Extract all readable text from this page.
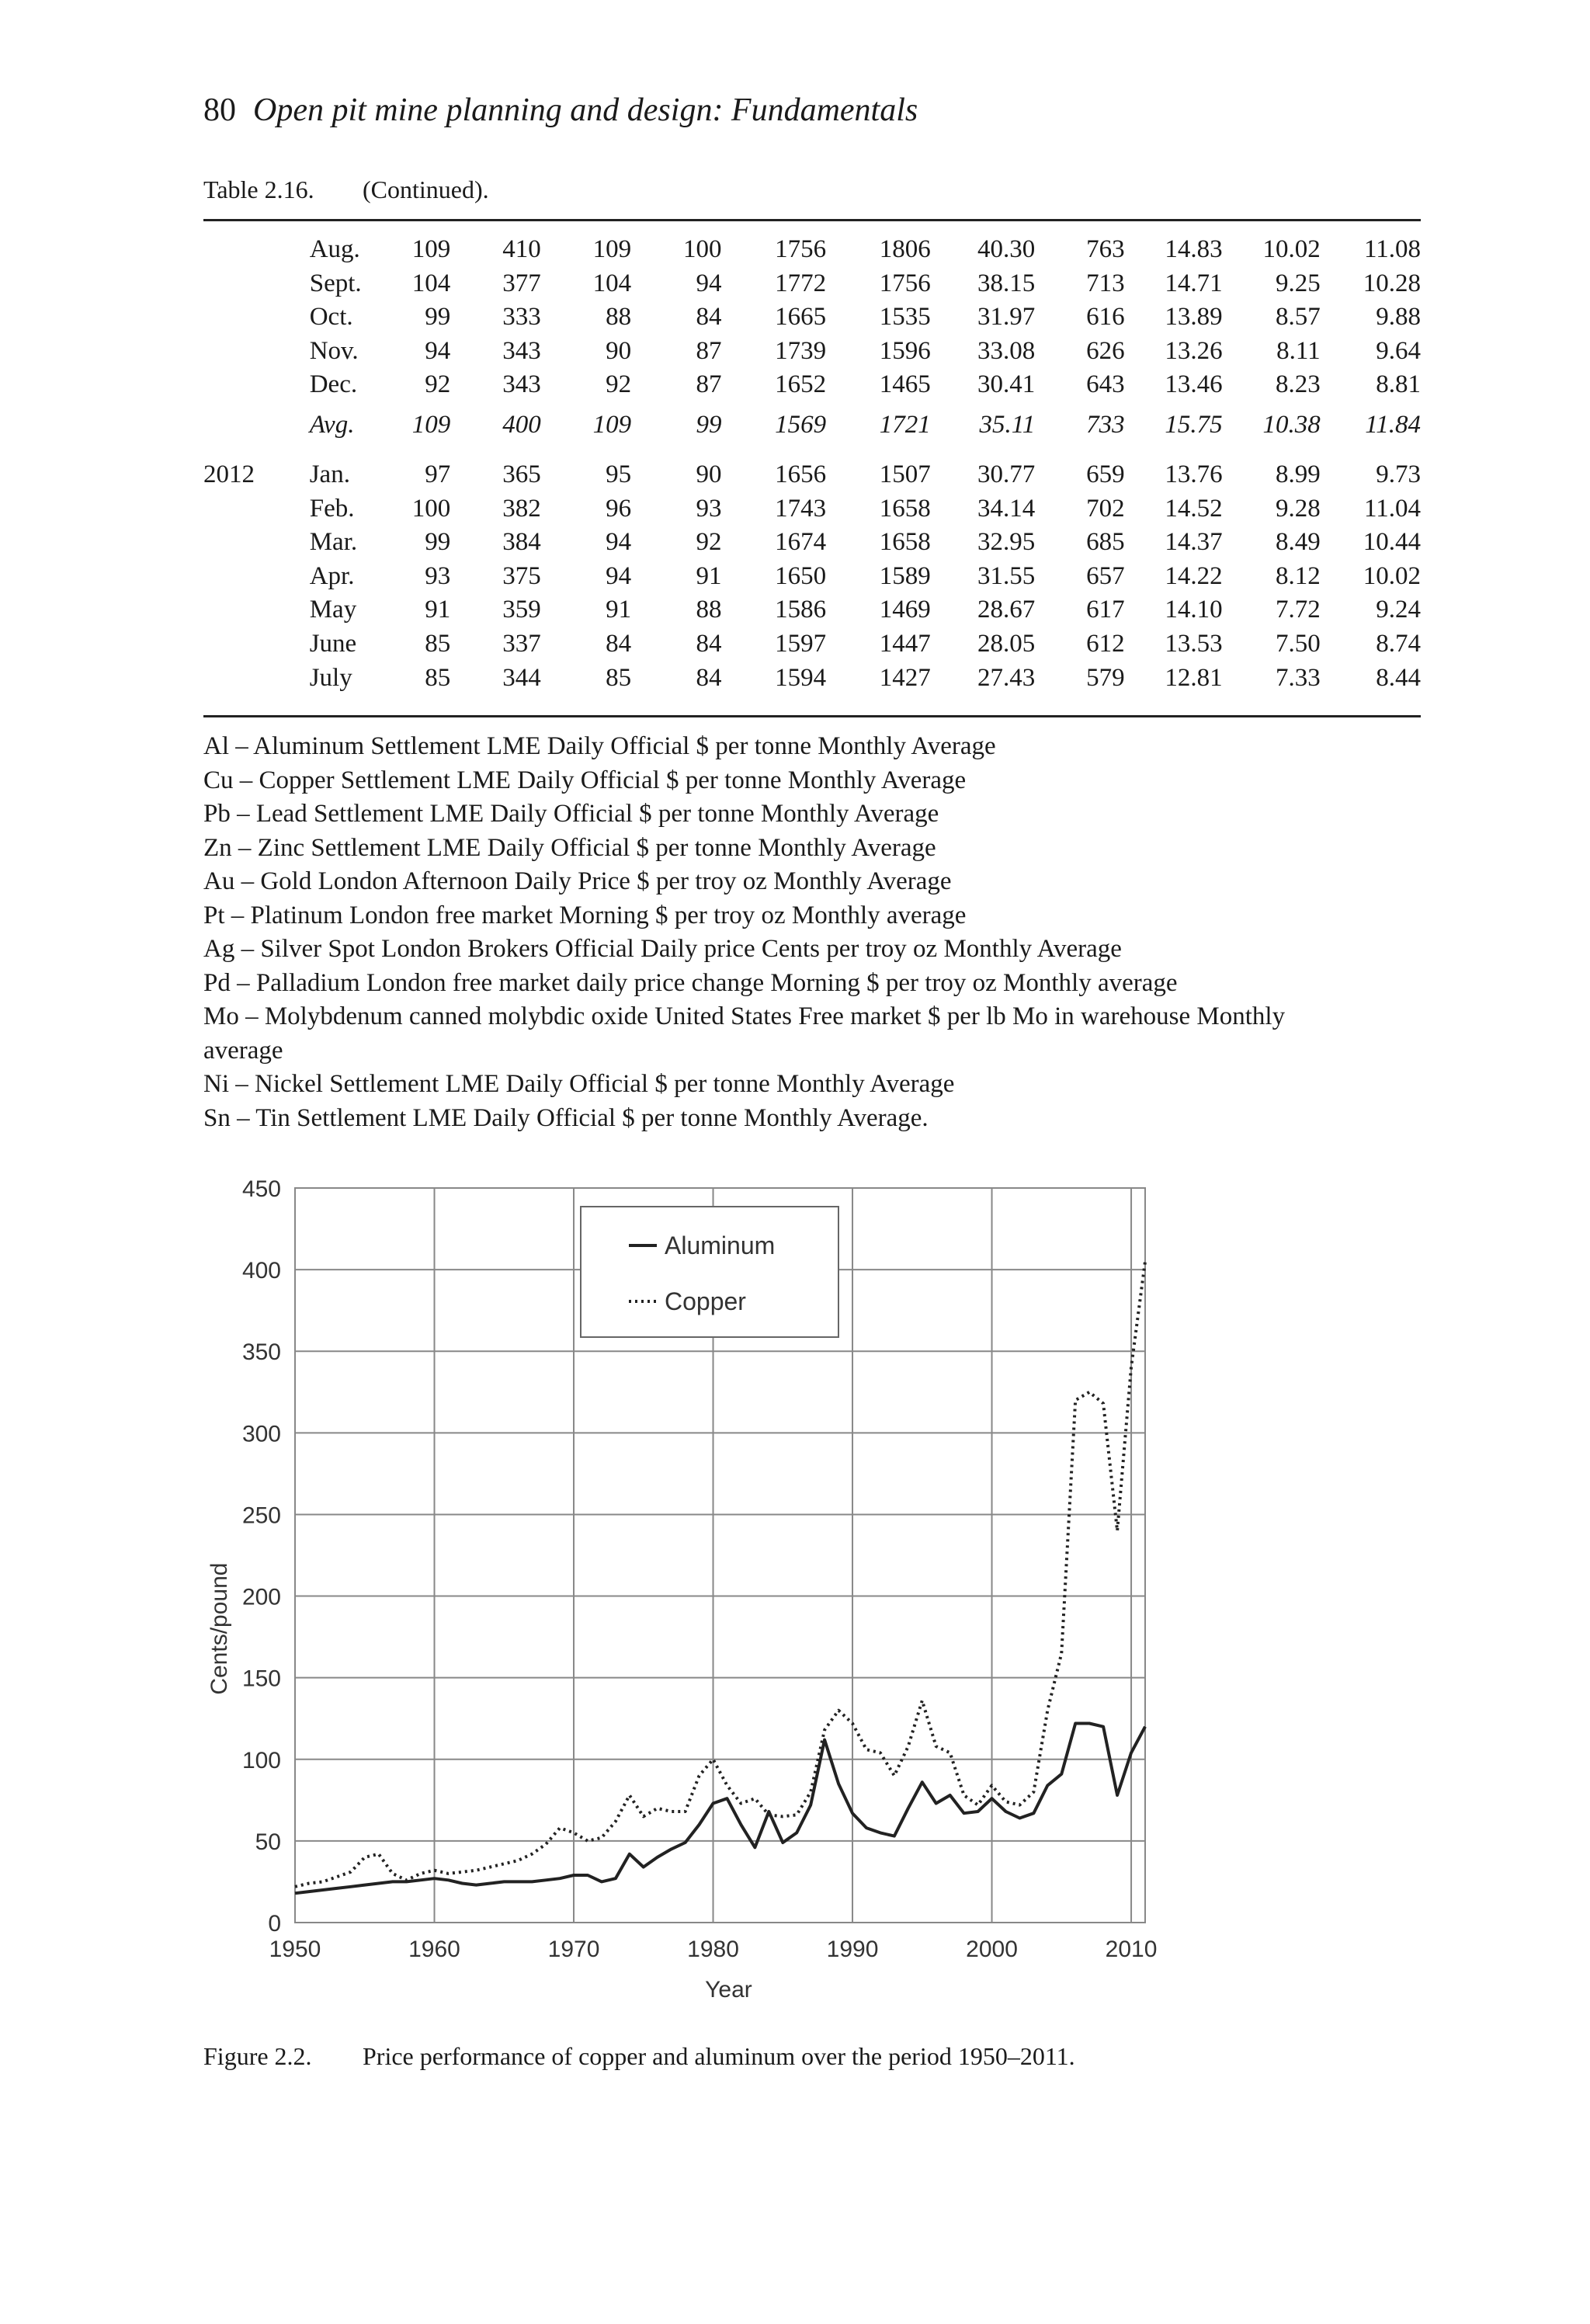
80 Open pit mine planning and design: Fundamentals
Table 2.16. (Continued).
	Aug.	109	410	109	100	1756	1806	40.30	763	14.83	10.02	11.08
	Sept.	104	377	104	94	1772	1756	38.15	713	14.71	9.25	10.28
	Oct.	99	333	88	84	1665	1535	31.97	616	13.89	8.57	9.88
	Nov.	94	343	90	87	1739	1596	33.08	626	13.26	8.11	9.64
	Dec.	92	343	92	87	1652	1465	30.41	643	13.46	8.23	8.81
	Avg.	109	400	109	99	1569	1721	35.11	733	15.75	10.38	11.84

2012	Jan.	97	365	95	90	1656	1507	30.77	659	13.76	8.99	9.73
	Feb.	100	382	96	93	1743	1658	34.14	702	14.52	9.28	11.04
	Mar.	99	384	94	92	1674	1658	32.95	685	14.37	8.49	10.44
	Apr.	93	375	94	91	1650	1589	31.55	657	14.22	8.12	10.02
	May	91	359	91	88	1586	1469	28.67	617	14.10	7.72	9.24
	June	85	337	84	84	1597	1447	28.05	612	13.53	7.50	8.74
	July	85	344	85	84	1594	1427	27.43	579	12.81	7.33	8.44
Al – Aluminum Settlement LME Daily Official $ per tonne Monthly Average
Cu – Copper Settlement LME Daily Official $ per tonne Monthly Average
Pb – Lead Settlement LME Daily Official $ per tonne Monthly Average
Zn – Zinc Settlement LME Daily Official $ per tonne Monthly Average
Au – Gold London Afternoon Daily Price $ per troy oz Monthly Average
Pt – Platinum London free market Morning $ per troy oz Monthly average
Ag – Silver Spot London Brokers Official Daily price Cents per troy oz Monthly Average
Pd – Palladium London free market daily price change Morning $ per troy oz Monthly average
Mo – Molybdenum canned molybdic oxide United States Free market $ per lb Mo in warehouse Monthly
average
Ni – Nickel Settlement LME Daily Official $ per tonne Monthly Average
Sn – Tin Settlement LME Daily Official $ per tonne Monthly Average.
0
50
100
150
200
250
300
350
400
450
1950	1960	1970	1980	1990	2000	2010
Year
Cents/pound
Aluminum
Copper
Figure 2.2. Price performance of copper and aluminum over the period 1950–2011.
